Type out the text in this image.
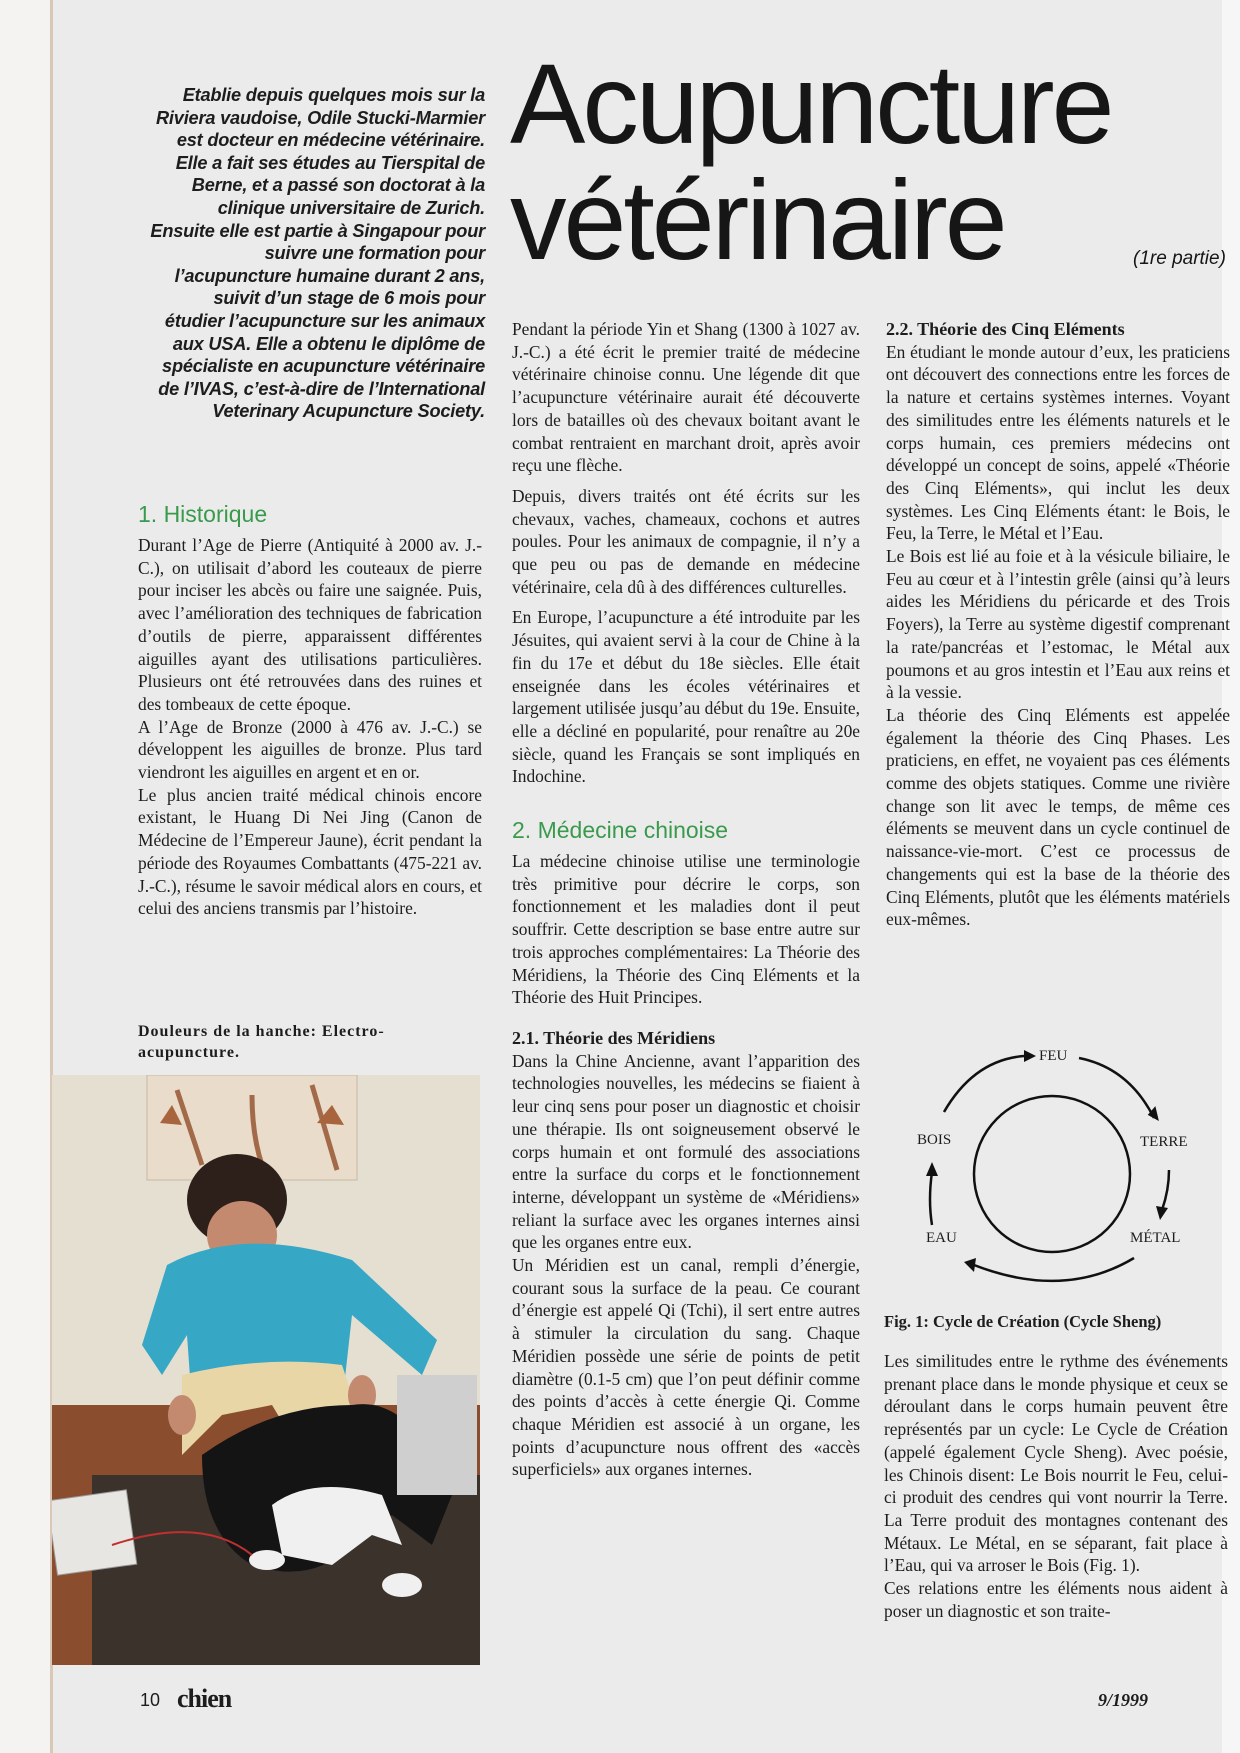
Etablie depuis quelques mois sur la Riviera vaudoise, Odile Stucki-Marmier est docteur en médecine vétérinaire. Elle a fait ses études au Tierspital de Berne, et a passé son doctorat à la clinique universitaire de Zurich. Ensuite elle est partie à Singapour pour suivre une formation pour l’acupuncture humaine durant 2 ans, suivit d’un stage de 6 mois pour étudier l’acupuncture sur les animaux aux USA. Elle a obtenu le diplôme de spécialiste en acupuncture vétérinaire de l’IVAS, c’est-à-dire de l’International Veterinary Acupuncture Society.
Acupuncture
vétérinaire	(1re partie)
1. Historique

Durant l’Age de Pierre (Antiquité à 2000 av. J.-C.), on utilisait d’abord les couteaux de pierre pour inciser les abcès ou faire une saignée. Puis, avec l’amélioration des techniques de fabrication d’outils de pierre, apparaissent différentes aiguilles ayant des utilisations particulières. Plusieurs ont été retrouvées dans des ruines et des tombeaux de cette époque.

A l’Age de Bronze (2000 à 476 av. J.-C.) se développent les aiguilles de bronze. Plus tard viendront les aiguilles en argent et en or.

Le plus ancien traité médical chinois encore existant, le Huang Di Nei Jing (Canon de Médecine de l’Empereur Jaune), écrit pendant la période des Royaumes Combattants (475-221 av. J.-C.), résume le savoir médical alors en cours, et celui des anciens transmis par l’histoire.

Douleurs de la hanche: Electro-acupuncture.

Pendant la période Yin et Shang (1300 à 1027 av. J.-C.) a été écrit le premier traité de médecine vétérinaire chinoise connu. Une légende dit que l’acupuncture vétérinaire aurait été découverte lors de batailles où des chevaux boitant avant le combat rentraient en marchant droit, après avoir reçu une flèche.

Depuis, divers traités ont été écrits sur les chevaux, vaches, chameaux, cochons et autres poules. Pour les animaux de compagnie, il n’y a que peu ou pas de demande en médecine vétérinaire, cela dû à des différences culturelles.

En Europe, l’acupuncture a été introduite par les Jésuites, qui avaient servi à la cour de Chine à la fin du 17e et début du 18e siècles. Elle était enseignée dans les écoles vétérinaires et largement utilisée jusqu’au début du 19e. Ensuite, elle a décliné en popularité, pour renaître au 20e siècle, quand les Français se sont impliqués en Indochine.

2. Médecine chinoise

La médecine chinoise utilise une terminologie très primitive pour décrire le corps, son fonctionnement et les maladies dont il peut souffrir. Cette description se base entre autre sur trois approches complémentaires: La Théorie des Méridiens, la Théorie des Cinq Eléments et la Théorie des Huit Principes.

2.1. Théorie des Méridiens

Dans la Chine Ancienne, avant l’apparition des technologies nouvelles, les médecins se fiaient à leur cinq sens pour poser un diagnostic et choisir une thérapie. Ils ont soigneusement observé le corps humain et ont formulé des associations entre la surface du corps et le fonctionnement interne, développant un système de «Méridiens» reliant la surface avec les organes internes ainsi que les organes entre eux.

Un Méridien est un canal, rempli d’énergie, courant sous la surface de la peau. Ce courant d’énergie est appelé Qi (Tchi), il sert entre autres à stimuler la circulation du sang. Chaque Méridien possède une série de points de petit diamètre (0.1-5 cm) que l’on peut définir comme des points d’accès à cette énergie Qi. Comme chaque Méridien est associé à un organe, les points d’acupuncture nous offrent des «accès superficiels» aux organes internes.

2.2. Théorie des Cinq Eléments

En étudiant le monde autour d’eux, les praticiens ont découvert des connections entre les forces de la nature et certains systèmes internes. Voyant des similitudes entre les éléments naturels et le corps humain, ces premiers médecins ont développé un concept de soins, appelé «Théorie des Cinq Eléments», qui inclut les deux systèmes. Les Cinq Eléments étant: le Bois, le Feu, la Terre, le Métal et l’Eau.

Le Bois est lié au foie et à la vésicule biliaire, le Feu au cœur et à l’intestin grêle (ainsi qu’à leurs aides les Méridiens du péricarde et des Trois Foyers), la Terre au système digestif comprenant la rate/pancréas et l’estomac, le Métal aux poumons et au gros intestin et l’Eau aux reins et à la vessie.

La théorie des Cinq Eléments est appelée également la théorie des Cinq Phases. Les praticiens, en effet, ne voyaient pas ces éléments comme des objets statiques. Comme une rivière change son lit avec le temps, de même ces éléments se meuvent dans un cycle continuel de naissance-vie-mort. C’est ce processus de changements qui est la base de la théorie des Cinq Eléments, plutôt que les éléments matériels eux-mêmes.

FEU
TERRE
MÉTAL
EAU
BOIS
Fig. 1: Cycle de Création (Cycle Sheng)

Les similitudes entre le rythme des événements prenant place dans le monde physique et ceux se déroulant dans le corps humain peuvent être représentés par un cycle: Le Cycle de Création (appelé également Cycle Sheng). Avec poésie, les Chinois disent: Le Bois nourrit le Feu, celui-ci produit des cendres qui vont nourrir la Terre. La Terre produit des montagnes contenant des Métaux. Le Métal, en se séparant, fait place à l’Eau, qui va arroser le Bois (Fig. 1).

Ces relations entre les éléments nous aident à poser un diagnostic et son traite-

10 chien	9/1999
